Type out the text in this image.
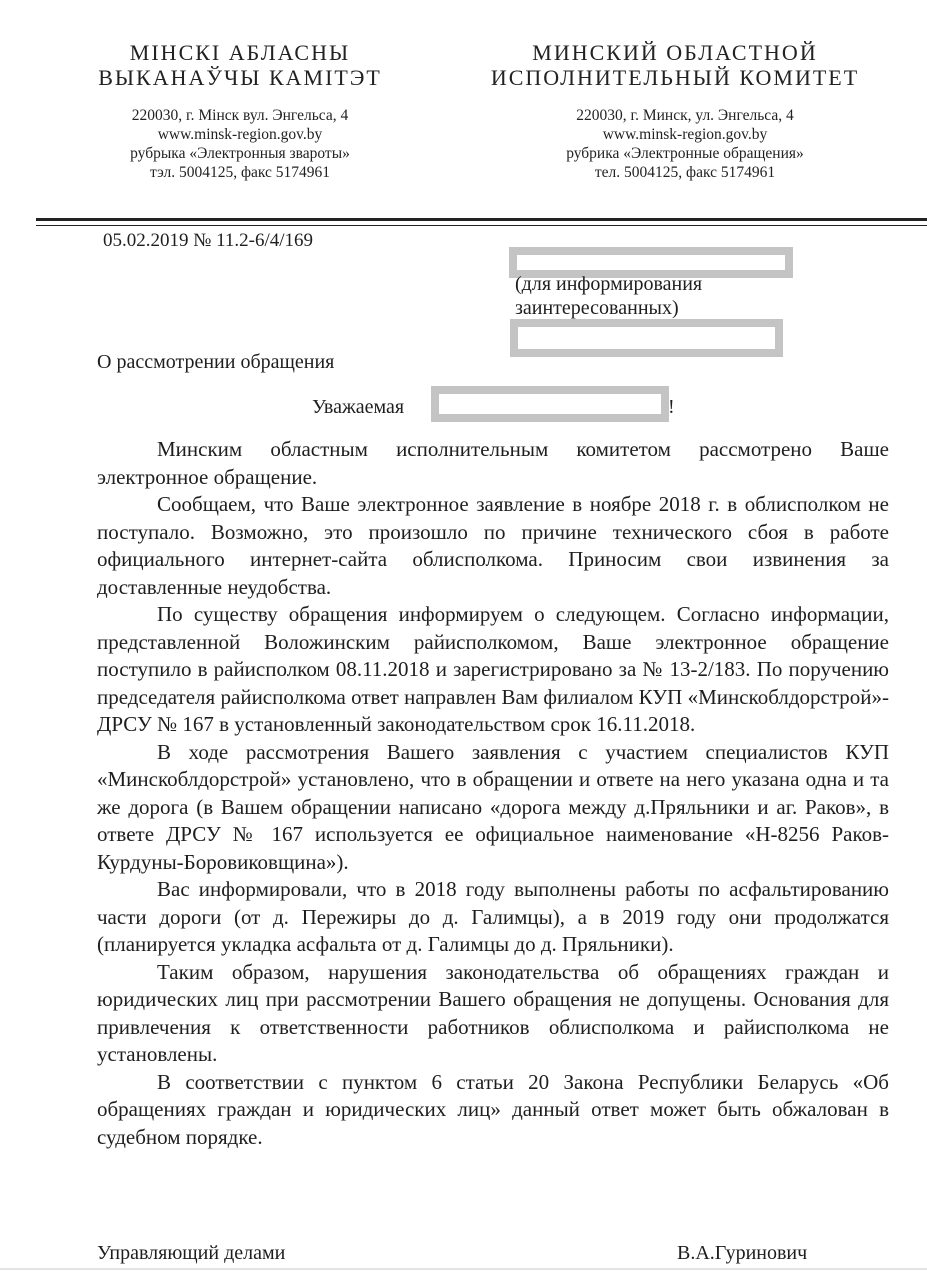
МІНСКІ АБЛАСНЫ
ВЫКАНАЎЧЫ КАМІТЭТ
220030, г. Мінск вул. Энгельса, 4
www.minsk-region.gov.by
рубрыка «Электронныя звароты»
тэл. 5004125, факс 5174961
МИНСКИЙ ОБЛАСТНОЙ
ИСПОЛНИТЕЛЬНЫЙ КОМИТЕТ
220030, г. Минск, ул. Энгельса, 4
www.minsk-region.gov.by
рубрика «Электронные обращения»
тел. 5004125, факс 5174961
05.02.2019 № 11.2-6/4/169
(для информирования
заинтересованных)
О рассмотрении обращения
Уважаемая	!

Минским областным исполнительным комитетом рассмотрено Ваше электронное обращение.

Сообщаем, что Ваше электронное заявление в ноябре 2018 г. в облисполком не поступало. Возможно, это произошло по причине технического сбоя в работе официального интернет-сайта облисполкома. Приносим свои извинения за доставленные неудобства.

По существу обращения информируем о следующем. Согласно информации, представленной Воложинским райисполкомом, Ваше электронное обращение поступило в райисполком 08.11.2018 и зарегистрировано за № 13-2/183. По поручению председателя райисполкома ответ направлен Вам филиалом КУП «Минскоблдорстрой»-ДРСУ № 167 в установленный законодательством срок 16.11.2018.

В ходе рассмотрения Вашего заявления с участием специалистов КУП «Минскоблдорстрой» установлено, что в обращении и ответе на него указана одна и та же дорога (в Вашем обращении написано «дорога между д.Пряльники и аг. Раков», в ответе ДРСУ № 167 используется ее официальное наименование «Н-8256 Раков-Курдуны-Боровиковщина»).

Вас информировали, что в 2018 году выполнены работы по асфальтированию части дороги (от д. Пережиры до д. Галимцы), а в 2019 году они продолжатся (планируется укладка асфальта от д. Галимцы до д. Пряльники).

Таким образом, нарушения законодательства об обращениях граждан и юридических лиц при рассмотрении Вашего обращения не допущены. Основания для привлечения к ответственности работников облисполкома и райисполкома не установлены.

В соответствии с пунктом 6 статьи 20 Закона Республики Беларусь «Об обращениях граждан и юридических лиц» данный ответ может быть обжалован в судебном порядке.

Управляющий делами	В.А.Гуринович
